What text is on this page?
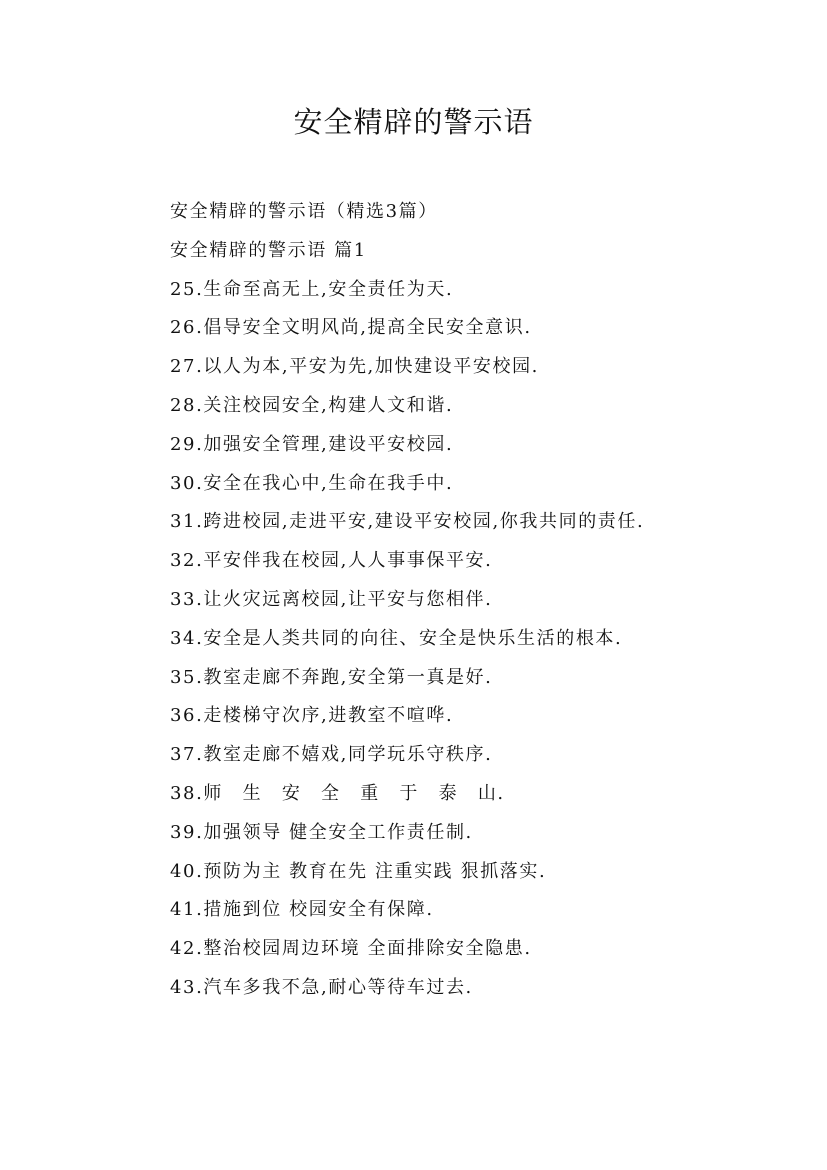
安全精辟的警示语

安全精辟的警示语（精选3篇）

安全精辟的警示语 篇1

25.生命至高无上,安全责任为天.

26.倡导安全文明风尚,提高全民安全意识.

27.以人为本,平安为先,加快建设平安校园.

28.关注校园安全,构建人文和谐.

29.加强安全管理,建设平安校园.

30.安全在我心中,生命在我手中.

31.跨进校园,走进平安,建设平安校园,你我共同的责任.

32.平安伴我在校园,人人事事保平安.

33.让火灾远离校园,让平安与您相伴.

34.安全是人类共同的向往、安全是快乐生活的根本.

35.教室走廊不奔跑,安全第一真是好.

36.走楼梯守次序,进教室不喧哗.

37.教室走廊不嬉戏,同学玩乐守秩序.

38.师　生　安　全　重　于　泰　山.

39.加强领导 健全安全工作责任制.

40.预防为主 教育在先 注重实践 狠抓落实.

41.措施到位 校园安全有保障.

42.整治校园周边环境 全面排除安全隐患.

43.汽车多我不急,耐心等待车过去.
